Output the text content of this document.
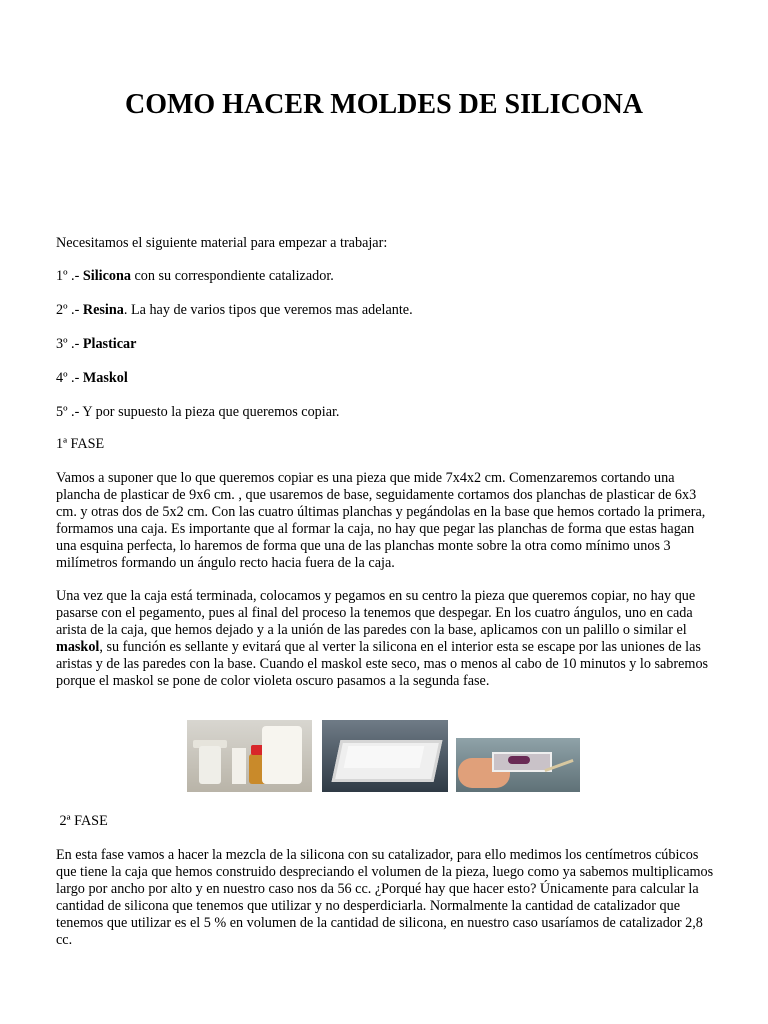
COMO HACER MOLDES DE SILICONA

Necesitamos el siguiente material para empezar a trabajar:

1º .- Silicona con su correspondiente catalizador.

2º .- Resina. La hay de varios tipos que veremos mas adelante.

3º .- Plasticar

4º .- Maskol

5º .- Y por supuesto la pieza que queremos copiar.

1ª FASE

Vamos a suponer que lo que queremos copiar es una pieza que mide 7x4x2 cm. Comenzaremos cortando una plancha de plasticar de 9x6 cm. , que usaremos de base, seguidamente cortamos dos planchas de plasticar de 6x3 cm. y otras dos de 5x2 cm. Con las cuatro últimas planchas y pegándolas en la base que hemos cortado la primera, formamos una caja. Es importante que al formar la caja, no hay que pegar las planchas de forma que estas hagan una esquina perfecta, lo haremos de forma que una de las planchas monte sobre la otra como mínimo unos 3 milímetros formando un ángulo recto hacia fuera de la caja.

Una vez que la caja está terminada, colocamos y pegamos en su centro la pieza que queremos copiar, no hay que pasarse con el pegamento, pues al final del proceso la tenemos que despegar. En los cuatro ángulos, uno en cada arista de la caja, que hemos dejado y a la unión de las paredes con la base, aplicamos con un palillo o similar el maskol, su función es sellante y evitará que al verter la silicona en el interior esta se escape por las uniones de las aristas y de las paredes con la base. Cuando el maskol este seco, mas o menos al cabo de 10 minutos y lo sabremos porque el maskol se pone de color violeta oscuro pasamos a la segunda fase.

2ª FASE

En esta fase vamos a hacer la mezcla de la silicona con su catalizador, para ello medimos los centímetros cúbicos que tiene la caja que hemos construido despreciando el volumen de la pieza, luego como ya sabemos multiplicamos largo por ancho por alto y en nuestro caso nos da 56 cc. ¿Porqué hay que hacer esto? Únicamente para calcular la cantidad de silicona que tenemos que utilizar y no desperdiciarla. Normalmente la cantidad de catalizador que tenemos que utilizar es el 5 % en volumen de la cantidad de silicona, en nuestro caso usaríamos de catalizador 2,8 cc.
